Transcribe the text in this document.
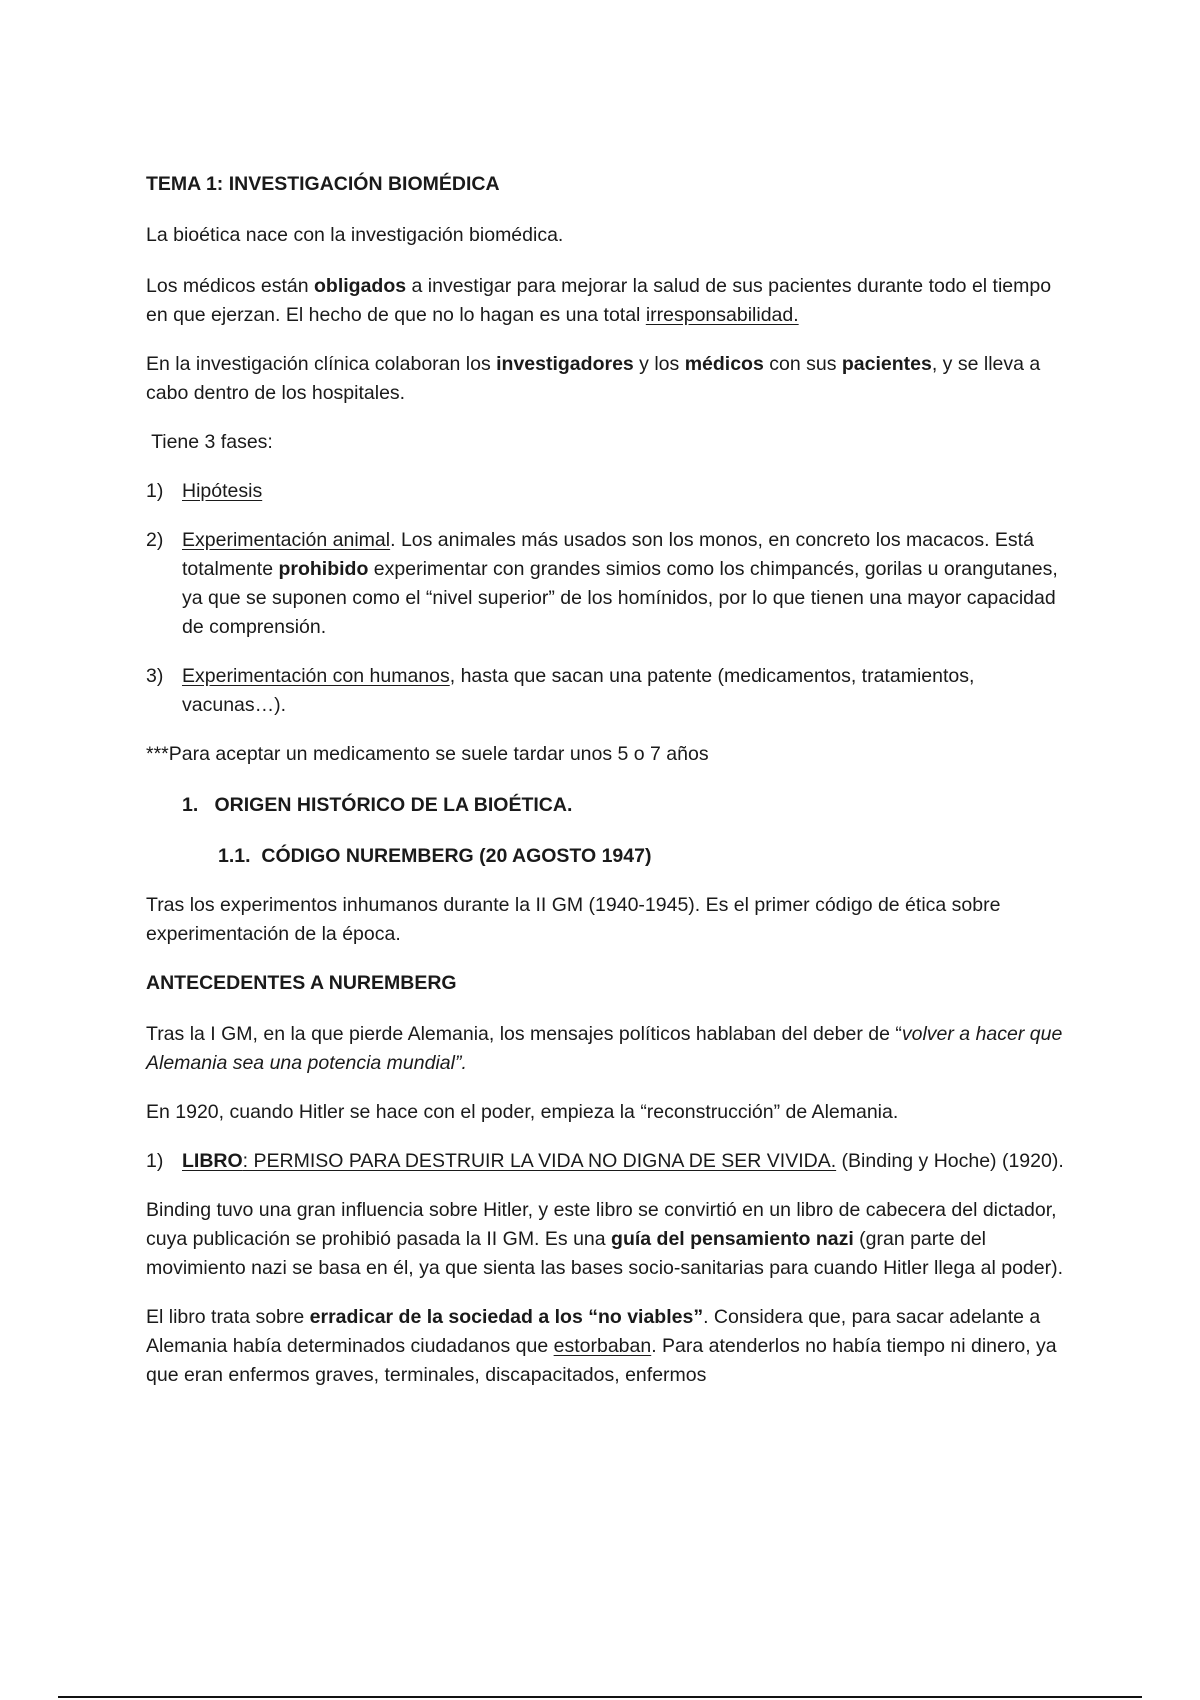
TEMA 1: INVESTIGACIÓN BIOMÉDICA

La bioética nace con la investigación biomédica.

Los médicos están obligados a investigar para mejorar la salud de sus pacientes durante todo el tiempo en que ejerzan. El hecho de que no lo hagan es una total irresponsabilidad.

En la investigación clínica colaboran los investigadores y los médicos con sus pacientes, y se lleva a cabo dentro de los hospitales.

Tiene 3 fases:

1) Hipótesis

2) Experimentación animal. Los animales más usados son los monos, en concreto los macacos. Está totalmente prohibido experimentar con grandes simios como los chimpancés, gorilas u orangutanes, ya que se suponen como el “nivel superior” de los homínidos, por lo que tienen una mayor capacidad de comprensión.

3) Experimentación con humanos, hasta que sacan una patente (medicamentos, tratamientos, vacunas…).

***Para aceptar un medicamento se suele tardar unos 5 o 7 años

1.   ORIGEN HISTÓRICO DE LA BIOÉTICA.

1.1.  CÓDIGO NUREMBERG (20 AGOSTO 1947)

Tras los experimentos inhumanos durante la II GM (1940-1945). Es el primer código de ética sobre experimentación de la época.

ANTECEDENTES A NUREMBERG

Tras la I GM, en la que pierde Alemania, los mensajes políticos hablaban del deber de “volver a hacer que Alemania sea una potencia mundial”.

En 1920, cuando Hitler se hace con el poder, empieza la “reconstrucción” de Alemania.

1) LIBRO: PERMISO PARA DESTRUIR LA VIDA NO DIGNA DE SER VIVIDA. (Binding y Hoche) (1920).

Binding tuvo una gran influencia sobre Hitler, y este libro se convirtió en un libro de cabecera del dictador, cuya publicación se prohibió pasada la II GM. Es una guía del pensamiento nazi (gran parte del movimiento nazi se basa en él, ya que sienta las bases socio-sanitarias para cuando Hitler llega al poder).

El libro trata sobre erradicar de la sociedad a los “no viables”. Considera que, para sacar adelante a Alemania había determinados ciudadanos que estorbaban. Para atenderlos no había tiempo ni dinero, ya que eran enfermos graves, terminales, discapacitados, enfermos
